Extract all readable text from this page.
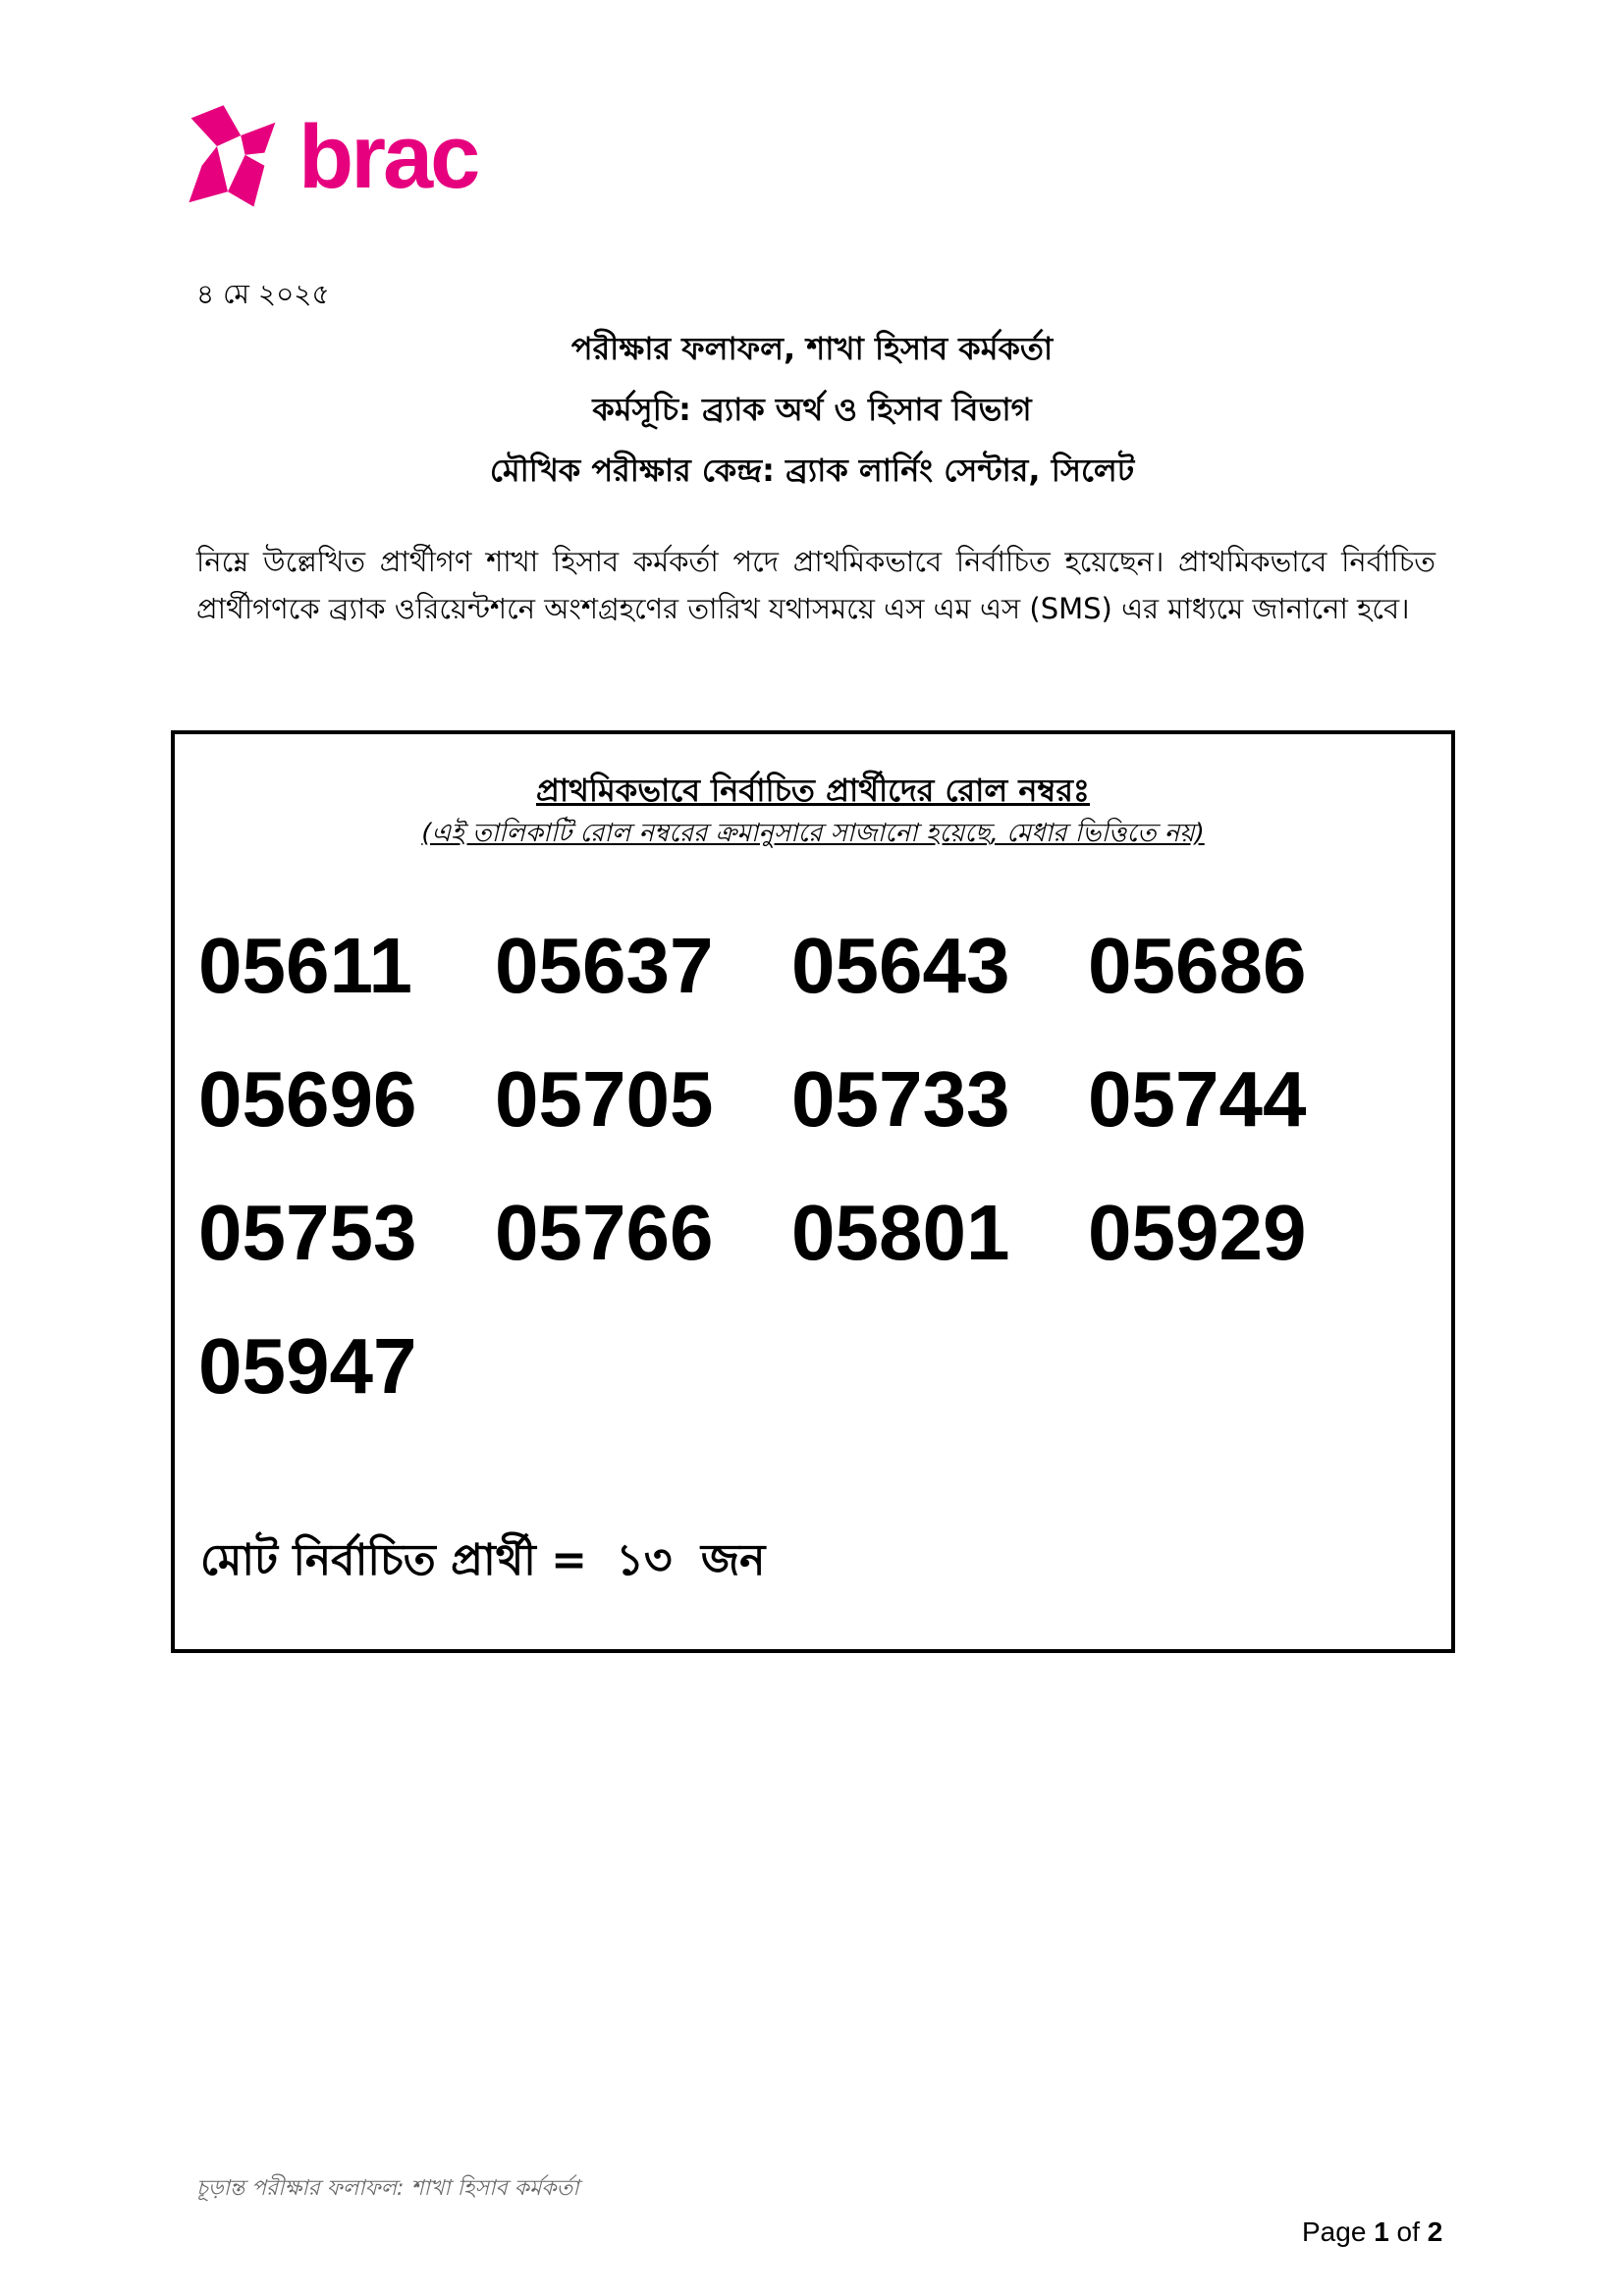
brac
৪ মে ২০২৫
পরীক্ষার ফলাফল, শাখা হিসাব কর্মকর্তা
কর্মসূচি: ব্র্যাক অর্থ ও হিসাব বিভাগ
মৌখিক পরীক্ষার কেন্দ্র: ব্র্যাক লার্নিং সেন্টার, সিলেট
নিম্নে উল্লেখিত প্রার্থীগণ শাখা হিসাব কর্মকর্তা পদে প্রাথমিকভাবে নির্বাচিত হয়েছেন। প্রাথমিকভাবে নির্বাচিত প্রার্থীগণকে ব্র্যাক ওরিয়েন্টশনে অংশগ্রহণের তারিখ যথাসময়ে এস এম এস (SMS) এর মাধ্যমে জানানো হবে।
প্রাথমিকভাবে নির্বাচিত প্রার্থীদের রোল নম্বরঃ
(এই তালিকাটি রোল নম্বরের ক্রমানুসারে সাজানো হয়েছে, মেধার ভিত্তিতে নয়)
05611 05637 05643 05686
05696 05705 05733 05744
05753 05766 05801 05929
05947
মোট নির্বাচিত প্রার্থী = ১৩ জন
চূড়ান্ত পরীক্ষার ফলাফল: শাখা হিসাব কর্মকর্তা
Page 1 of 2
